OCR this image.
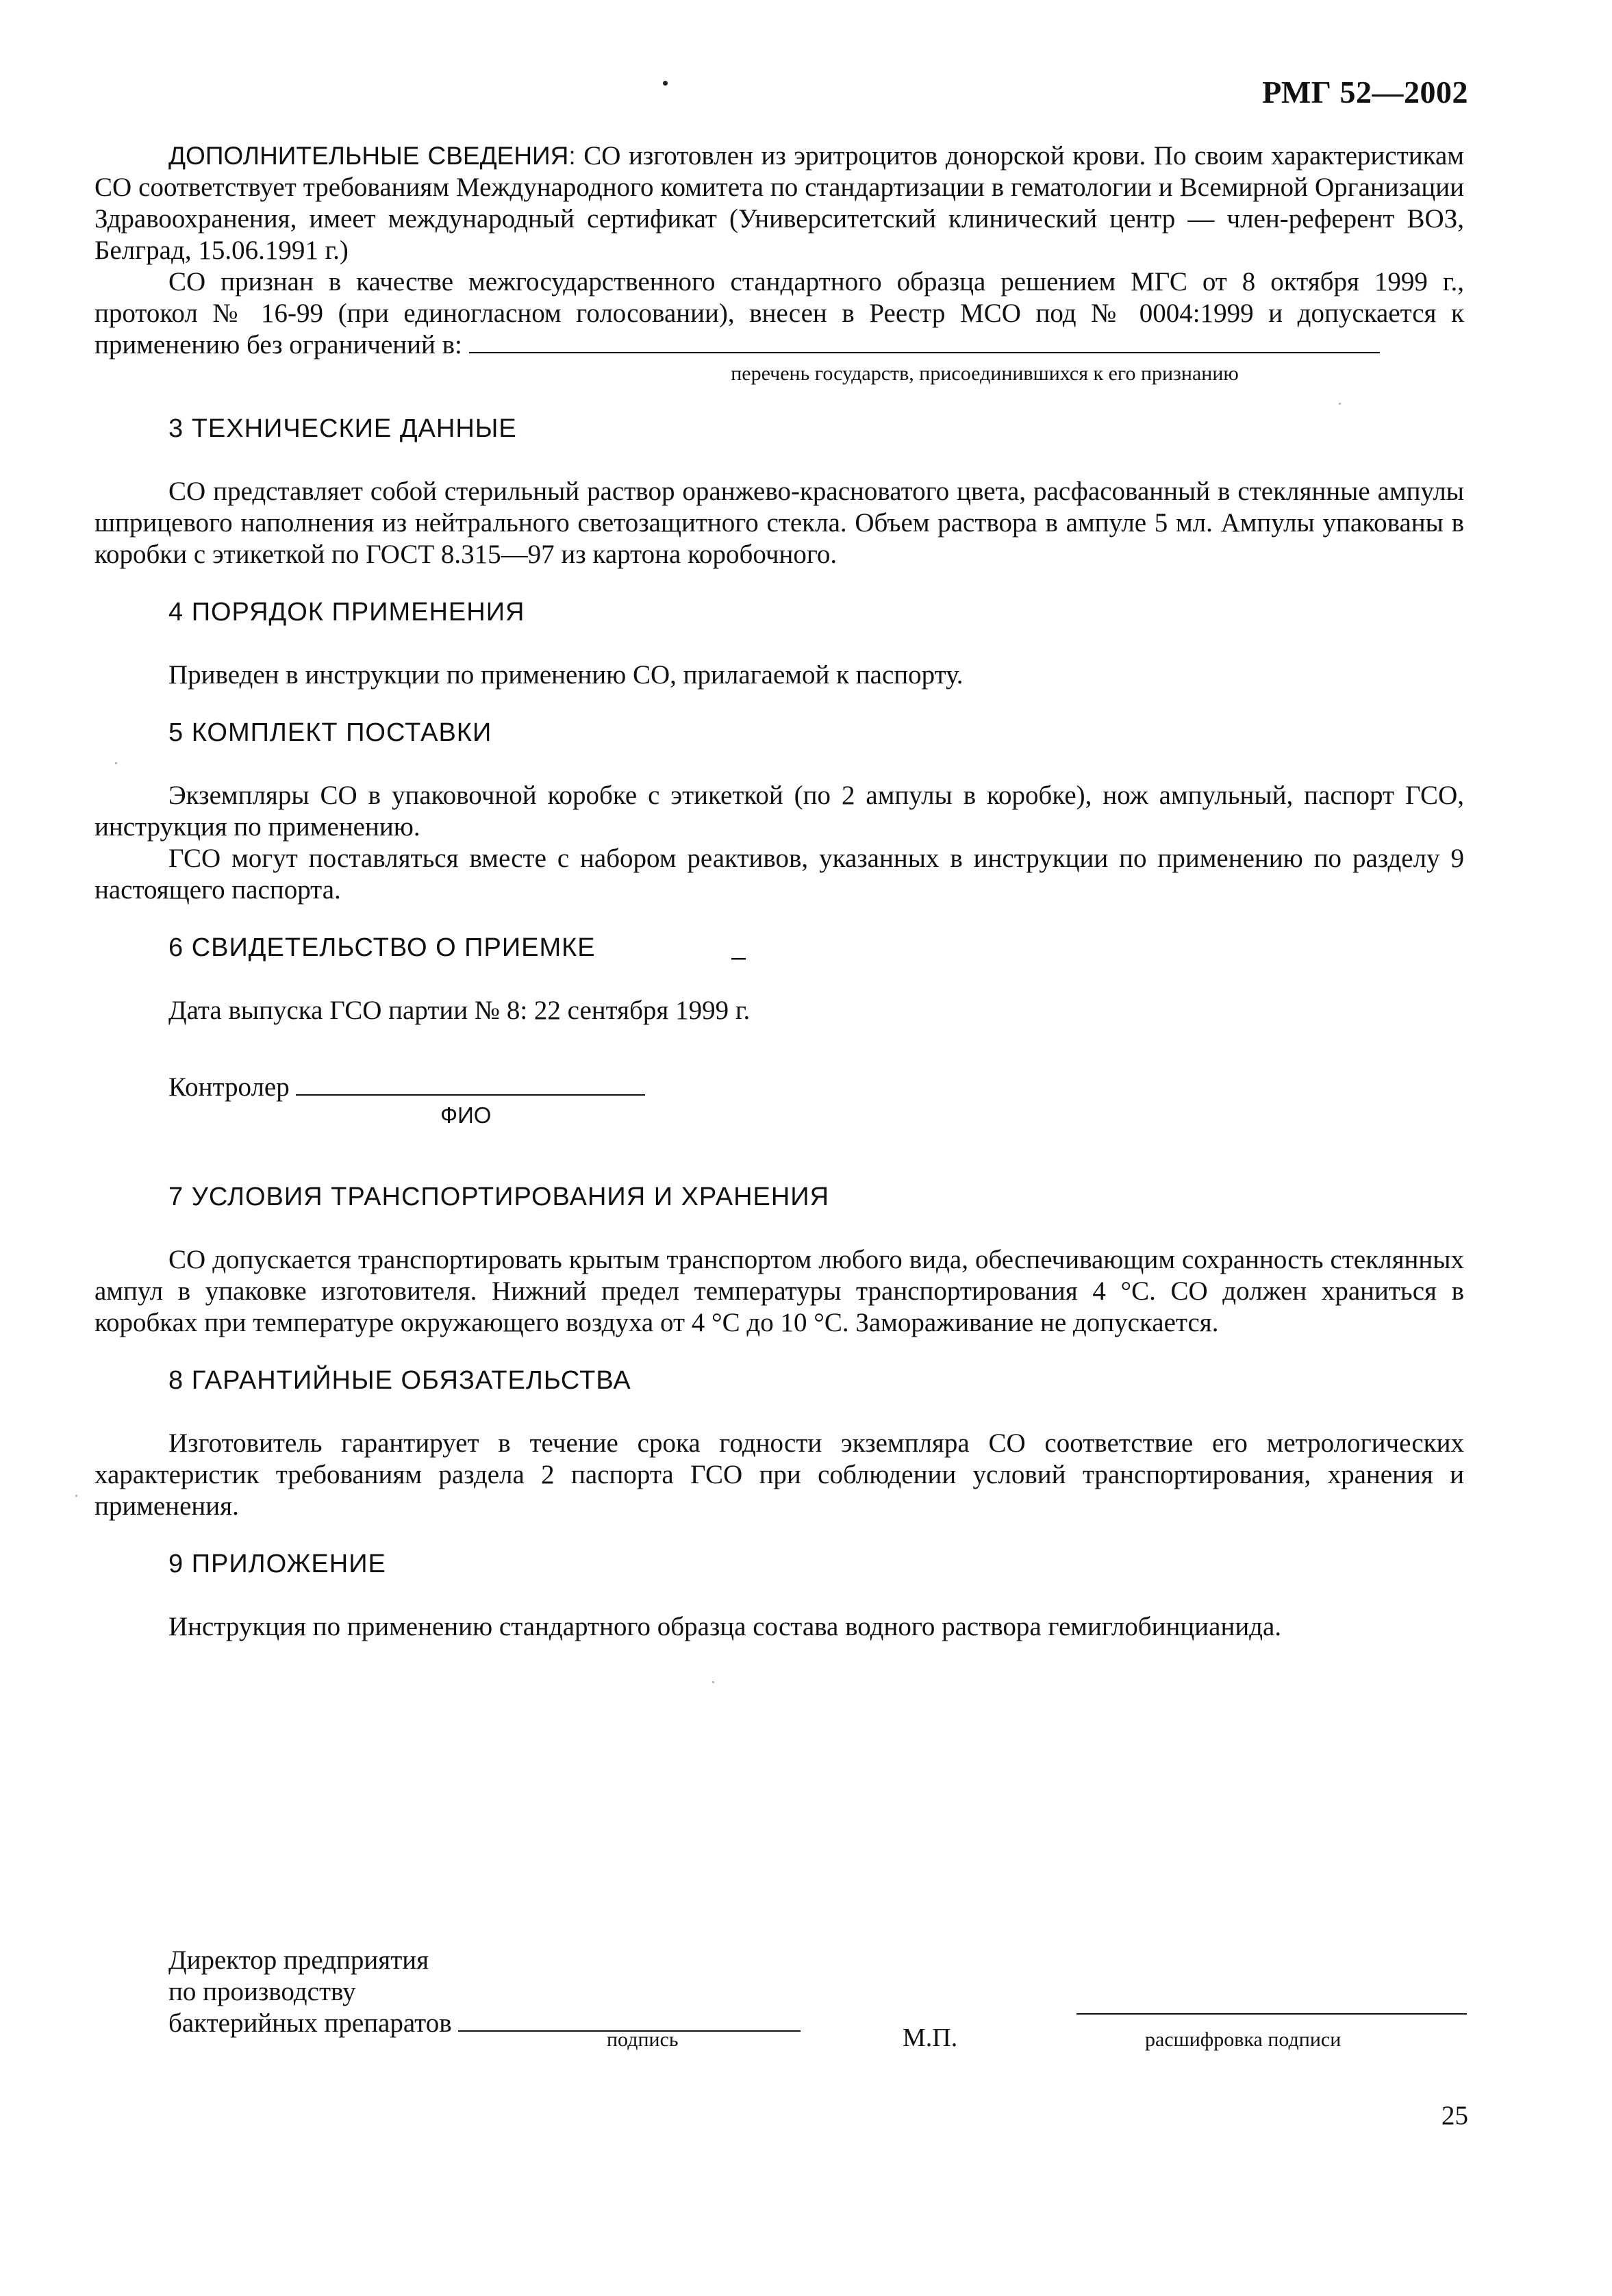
РМГ 52—2002

ДОПОЛНИТЕЛЬНЫЕ СВЕДЕНИЯ: СО изготовлен из эритроцитов донорской крови. По своим характеристикам СО соответствует требованиям Международного комитета по стандартизации в гематологии и Всемирной Организации Здравоохранения, имеет международный сертификат (Университетский клинический центр — член-референт ВОЗ, Белград, 15.06.1991 г.)

СО признан в качестве межгосударственного стандартного образца решением МГС от 8 октября 1999 г., протокол № 16-99 (при единогласном голосовании), внесен в Реестр МСО под № 0004:1999 и допускается к применению без ограничений в:

перечень государств, присоединившихся к его признанию
3 ТЕХНИЧЕСКИЕ ДАННЫЕ

СО представляет собой стерильный раствор оранжево-красноватого цвета, расфасованный в стеклянные ампулы шприцевого наполнения из нейтрального светозащитного стекла. Объем раствора в ампуле 5 мл. Ампулы упакованы в коробки с этикеткой по ГОСТ 8.315—97 из картона коробочного.

4 ПОРЯДОК ПРИМЕНЕНИЯ

Приведен в инструкции по применению СО, прилагаемой к паспорту.

5 КОМПЛЕКТ ПОСТАВКИ

Экземпляры СО в упаковочной коробке с этикеткой (по 2 ампулы в коробке), нож ампульный, паспорт ГСО, инструкция по применению.

ГСО могут поставляться вместе с набором реактивов, указанных в инструкции по применению по разделу 9 настоящего паспорта.

6 СВИДЕТЕЛЬСТВО О ПРИЕМКЕ	–

Дата выпуска ГСО партии № 8: 22 сентября 1999 г.

Контролер

ФИО
7 УСЛОВИЯ ТРАНСПОРТИРОВАНИЯ И ХРАНЕНИЯ

СО допускается транспортировать крытым транспортом любого вида, обеспечивающим сохранность стеклянных ампул в упаковке изготовителя. Нижний предел температуры транспортирования 4 °С. СО должен храниться в коробках при температуре окружающего воздуха от 4 °С до 10 °С. Замораживание не допускается.

8 ГАРАНТИЙНЫЕ ОБЯЗАТЕЛЬСТВА

Изготовитель гарантирует в течение срока годности экземпляра СО соответствие его метрологических характеристик требованиям раздела 2 паспорта ГСО при соблюдении условий транспортирования, хранения и применения.

9 ПРИЛОЖЕНИЕ

Инструкция по применению стандартного образца состава водного раствора гемиглобинцианида.

Директор предприятия
по производству
бактерийных препаратов
подпись	М.П.	расшифровка подписи
25
